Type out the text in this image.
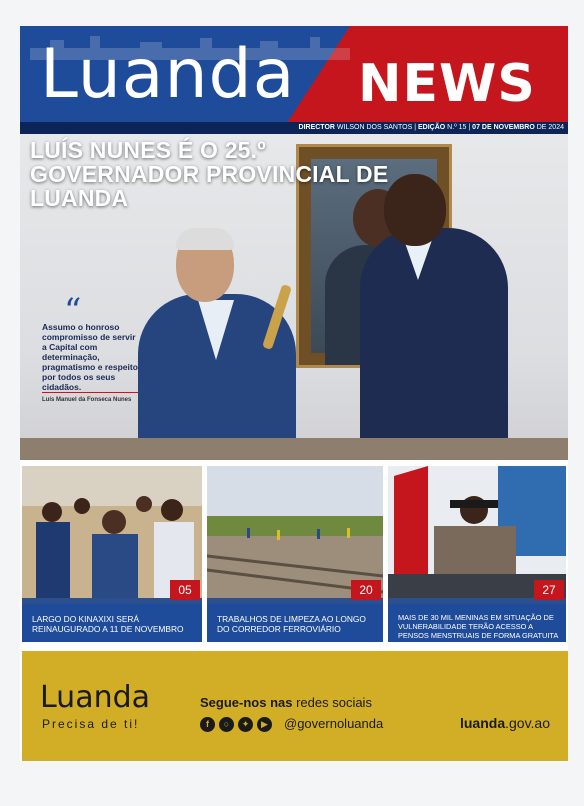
Luanda NEWS
DIRECTOR WILSON DOS SANTOS | EDIÇÃO N.º 15 | 07 DE NOVEMBRO DE 2024
LUÍS NUNES É O 25.º GOVERNADOR PROVINCIAL DE LUANDA
“

Assumo o honroso compromisso de servir a Capital com determinação, pragmatismo e respeito por todos os seus cidadãos.

Luís Manuel da Fonseca Nunes
05

LARGO DO KINAXIXI SERÁ REINAUGURADO A 11 DE NOVEMBRO

20

TRABALHOS DE LIMPEZA AO LONGO DO CORREDOR FERROVIÁRIO

27

MAIS DE 30 MIL MENINAS EM SITUAÇÃO DE VULNERABILIDADE TERÃO ACESSO A PENSOS MENSTRUAIS DE FORMA GRATUITA

Luanda
Precisa de ti!
Segue-nos nas redes sociais
f	○	✦	▶	@governoluanda	luanda.gov.ao
